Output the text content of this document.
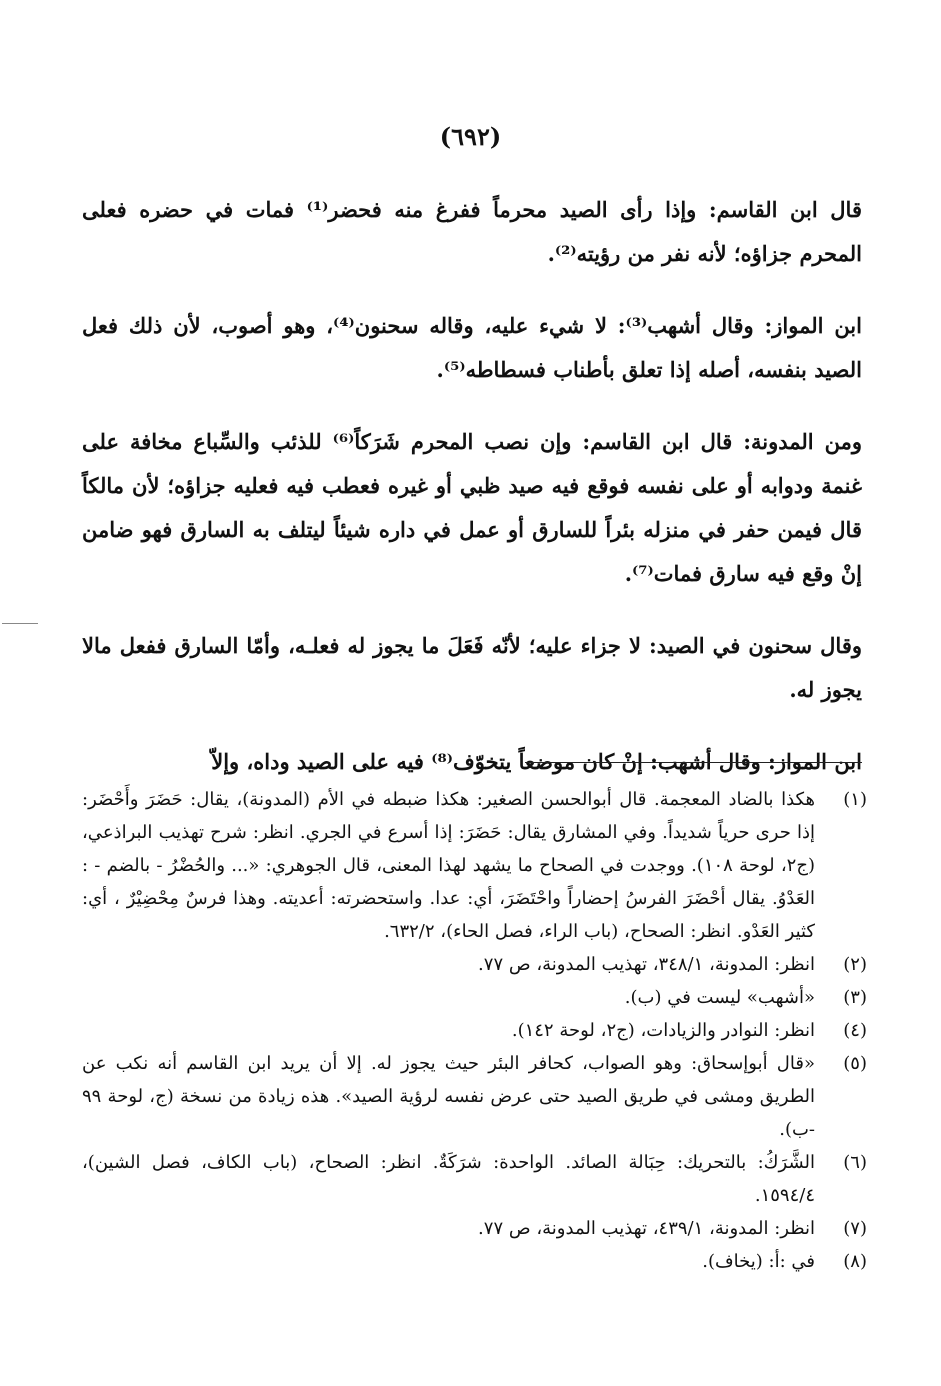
(٦٩٢)

قال ابن القاسم: وإذا رأى الصيد محرماً ففرغ منه فحضر⁽¹⁾ فمات في حضره فعلى المحرم جزاؤه؛ لأنه نفر من رؤيته⁽²⁾.

ابن المواز: وقال أشهب⁽³⁾: لا شيء عليه، وقاله سحنون⁽⁴⁾، وهو أصوب، لأن ذلك فعل الصيد بنفسه، أصله إذا تعلق بأطناب فسطاطه⁽⁵⁾.

ومن المدونة: قال ابن القاسم: وإن نصب المحرم شَرَكاً⁽⁶⁾ للذئب والسِّباع مخافة على غنمة ودوابه أو على نفسه فوقع فيه صيد ظبي أو غيره فعطب فيه فعليه جزاؤه؛ لأن مالكاً قال فيمن حفر في منزله بئراً للسارق أو عمل في داره شيئاً ليتلف به السارق فهو ضامن إنْ وقع فيه سارق فمات⁽⁷⁾.

وقال سحنون في الصيد: لا جزاء عليه؛ لأنّه فَعَلَ ما يجوز له فعلـه، وأمّا السارق ففعل مالا يجوز له.

ابن المواز: وقال أشهب: إنْ كان موضعاً يتخوّف⁽⁸⁾ فيه على الصيد وداه، وإلاّ

(١)
هكذا بالضاد المعجمة. قال أبوالحسن الصغير: هكذا ضبطه في الأم (المدونة)، يقال: حَضَرَ وأَحْضَر: إذا حرى حرياً شديداً. وفي المشارق يقال: حَضَرَ: إذا أسرع في الجري. انظر: شرح تهذيب البراذعي، (ج٢، لوحة ١٠٨). ووجدت في الصحاح ما يشهد لهذا المعنى، قال الجوهري: «... والحُضْرُ - بالضم - : العَدْوُ. يقال أحْضَرَ الفرسُ إحضاراً واحْتَضَرَ، أي: عدا. واستحضرته: أعديته. وهذا فرسٌ مِحْضِيْرٌ ، أي: كثير العَدْو. انظر: الصحاح، (باب الراء، فصل الحاء)، ٦٣٢/٢.
(٢)
انظر: المدونة، ٣٤٨/١، تهذيب المدونة، ص ٧٧.
(٣)
«أشهب» ليست في (ب).
(٤)
انظر: النوادر والزيادات، (ج٢، لوحة ١٤٢).
(٥)
«قال أبوإسحاق: وهو الصواب، كحافر البئر حيث يجوز له. إلا أن يريد ابن القاسم أنه نكب عن الطريق ومشى في طريق الصيد حتى عرض نفسه لرؤية الصيد». هذه زيادة من نسخة (ج، لوحة ٩٩ -ب).
(٦)
الشَّرَكُ: بالتحريك: حِبَالة الصائد. الواحدة: شرَكَةٌ. انظر: الصحاح، (باب الكاف، فصل الشين)، ١٥٩٤/٤.
(٧)
انظر: المدونة، ٤٣٩/١، تهذيب المدونة، ص ٧٧.
(٨)
في :أ: (يخاف).
